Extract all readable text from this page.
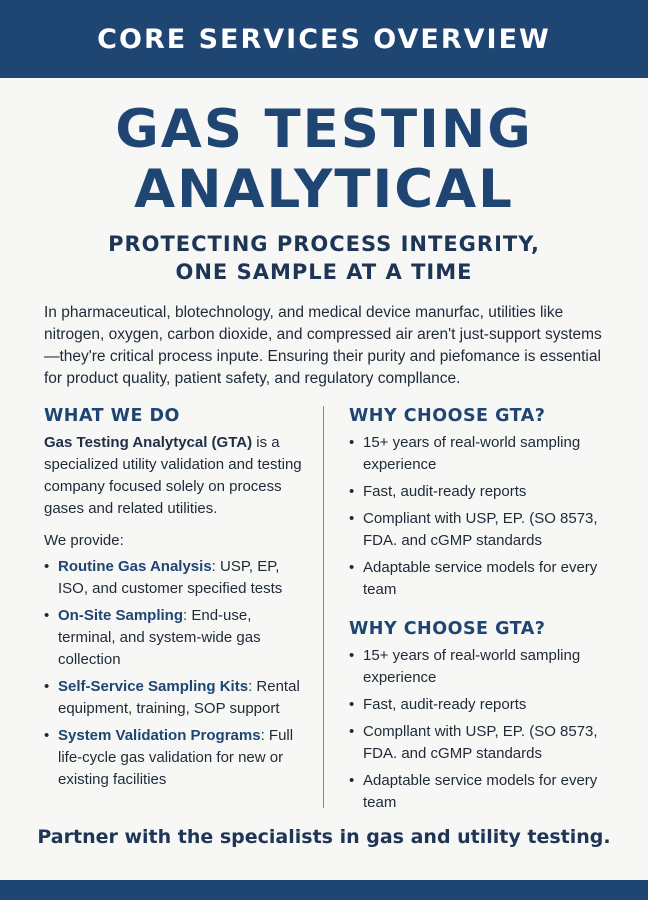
CORE SERVICES OVERVIEW
GAS TESTING
ANALYTICAL
PROTECTING PROCESS INTEGRITY,
ONE SAMPLE AT A TIME
In pharmaceutical, blotechnology, and medical device manurfac, utilities like nitrogen, oxygen, carbon dioxide, and compressed air aren't just-support systems—they're critical process inpute. Ensuring their purity and piefomance is essential for product quality, patient safety, and regulatory compllance.
WHAT WE DO

Gas Testing Analytycal (GTA) is a specialized utility validation and testing company focused solely on process gases and related utilities.

We provide:

• Routine Gas Analysis: USP, EP, ISO, and customer specified tests
• On-Site Sampling: End-use, terminal, and system-wide gas collection
• Self-Service Sampling Kits: Rental equipment, training, SOP support
• System Validation Programs: Full life-cycle gas validation for new or existing facilities
WHY CHOOSE GTA?
• 15+ years of real-world sampling experience
• Fast, audit-ready reports
• Compliant with USP, EP. (SO 8573, FDA. and cGMP standards
• Adaptable service models for every team
WHY CHOOSE GTA?
• 15+ years of real-world sampling experience
• Fast, audit-ready reports
• Compllant with USP, EP. (SO 8573, FDA. and cGMP standards
• Adaptable service models for every team
Partner with the specialists in gas and utility testing.
